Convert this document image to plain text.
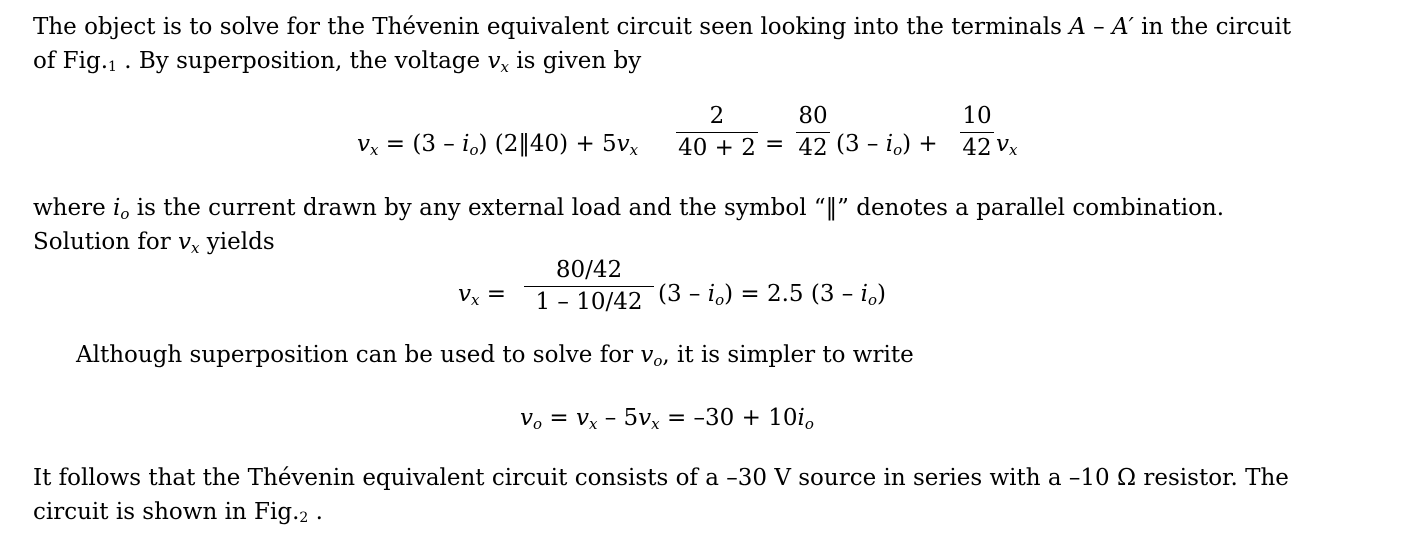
The object is to solve for the Thévenin equivalent circuit seen looking into the terminals A – A′ in the circuit
of Fig.1 . By superposition, the voltage $v_x$ is given by
$v_x = (3 - i_o)$ (2‖40) + $5v_x$
2
40 + 2 =
80
42 $(3 - i_o)$ +
10
42 $v_x$
where $i_o$ is the current drawn by any external load and the symbol “‖” denotes a parallel combination.
Solution for $v_x$ yields
$v_x$ =
80/42
1 – 10/42 $(3 - i_o) = 2.5$ $(3 - i_o)$
Although superposition can be used to solve for $v_o$, it is simpler to write
$v_o = v_x - 5v_x = -30 + 10i_o$
It follows that the Thévenin equivalent circuit consists of a –30 V source in series with a –10 Ω resistor. The
circuit is shown in Fig.2 .
